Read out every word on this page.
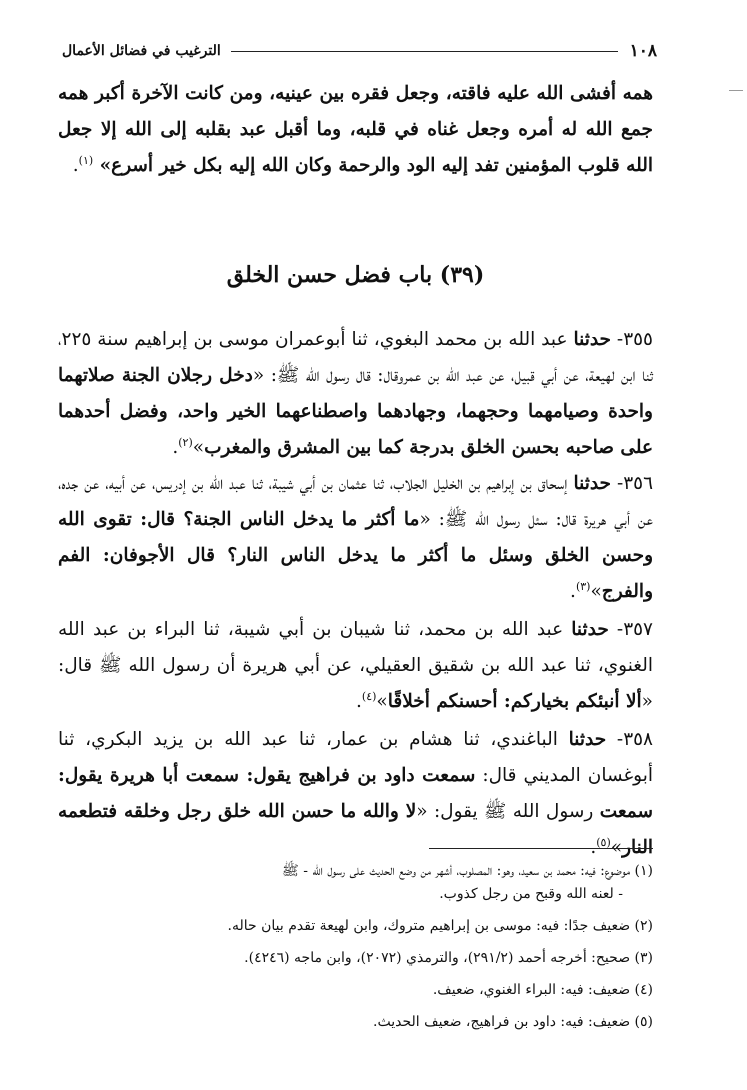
١٠٨
الترغيب في فضائل الأعمال
همه أفشى الله عليه فاقته، وجعل فقره بين عينيه، ومن كانت الآخرة أكبر همه جمع الله له أمره وجعل غناه في قلبه، وما أقبل عبد بقلبه إلى الله إلا جعل الله قلوب المؤمنين تفد إليه الود والرحمة وكان الله إليه بكل خير أسرع» $^{(١)}$.
(٣٩) باب فضل حسن الخلق
٣٥٥- حدثنا عبد الله بن محمد البغوي، ثنا أبوعمران موسى بن إبراهيم سنة ٢٢٥، ثنا ابن لهيعة، عن أبي قبيل، عن عبد الله بن عمروقال: قال رسول الله ﷺ: «دخل رجلان الجنة صلاتهما واحدة وصيامهما وحجهما، وجهادهما واصطناعهما الخير واحد، وفضل أحدهما على صاحبه بحسن الخلق بدرجة كما بين المشرق والمغرب»$^{(٢)}$.
٣٥٦- حدثنا إسحاق بن إبراهيم بن الخليل الجلاب، ثنا عثمان بن أبي شيبة، ثنا عبد الله بن إدريس، عن أبيه، عن جده، عن أبي هريرة قال: سئل رسول الله ﷺ: «ما أكثر ما يدخل الناس الجنة؟ قال: تقوى الله وحسن الخلق وسئل ما أكثر ما يدخل الناس النار؟ قال الأجوفان: الفم والفرج»$^{(٣)}$.
٣٥٧- حدثنا عبد الله بن محمد، ثنا شيبان بن أبي شيبة، ثنا البراء بن عبد الله الغنوي، ثنا عبد الله بن شقيق العقيلي، عن أبي هريرة أن رسول الله ﷺ قال: «ألا أنبئكم بخياركم: أحسنكم أخلاقًا»$^{(٤)}$.
٣٥٨- حدثنا الباغندي، ثنا هشام بن عمار، ثنا عبد الله بن يزيد البكري، ثنا أبوغسان المديني قال: سمعت داود بن فراهيج يقول: سمعت أبا هريرة يقول: سمعت رسول الله ﷺ يقول: «لا والله ما حسن الله خلق رجل وخلقه فتطعمه النار»$^{(٥)}$.

(١) موضوع: فيه: محمد بن سعيد، وهو: المصلوب، أشهر من وضع الحديث على رسول الله - ﷺ

- لعنه الله وقبح من رجل كذوب.

(٢) ضعيف جدًا: فيه: موسى بن إبراهيم متروك، وابن لهيعة تقدم بيان حاله.

(٣) صحيح: أخرجه أحمد (٢٩١/٢)، والترمذي (٢٠٧٢)، وابن ماجه (٤٢٤٦).

(٤) ضعيف: فيه: البراء الغنوي، ضعيف.

(٥) ضعيف: فيه: داود بن فراهيج، ضعيف الحديث.
